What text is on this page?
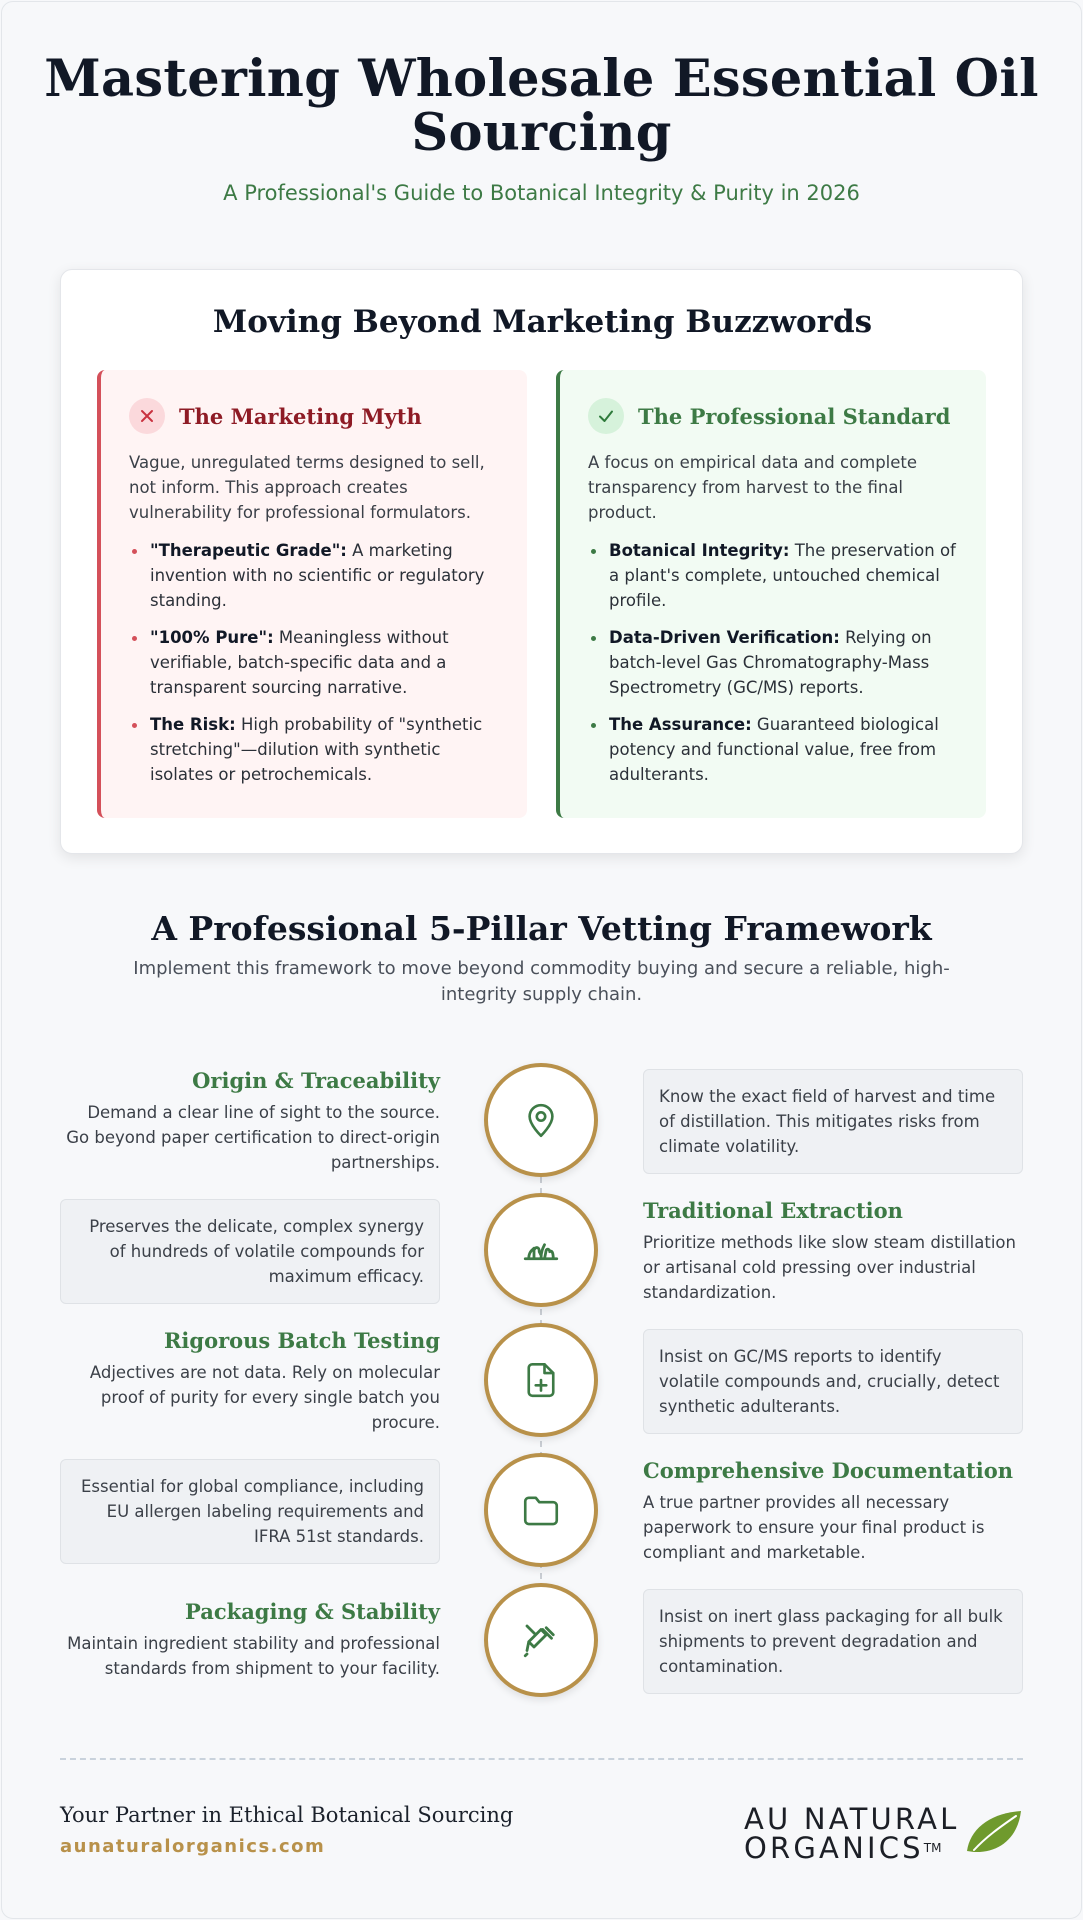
Mastering Wholesale Essential Oil Sourcing

A Professional's Guide to Botanical Integrity & Purity in 2026

Moving Beyond Marketing Buzzwords
The Marketing Myth

Vague, unregulated terms designed to sell, not inform. This approach creates vulnerability for professional formulators.

"Therapeutic Grade": A marketing invention with no scientific or regulatory standing.
"100% Pure": Meaningless without verifiable, batch-specific data and a transparent sourcing narrative.
The Risk: High probability of "synthetic stretching"—dilution with synthetic isolates or petrochemicals.
The Professional Standard

A focus on empirical data and complete transparency from harvest to the final product.

Botanical Integrity: The preservation of a plant's complete, untouched chemical profile.
Data-Driven Verification: Relying on batch-level Gas Chromatography-Mass Spectrometry (GC/MS) reports.
The Assurance: Guaranteed biological potency and functional value, free from adulterants.
A Professional 5-Pillar Vetting Framework

Implement this framework to move beyond commodity buying and secure a reliable, high-integrity supply chain.

Origin & Traceability
Demand a clear line of sight to the source. Go beyond paper certification to direct-origin partnerships.
Know the exact field of harvest and time of distillation. This mitigates risks from climate volatility.
Preserves the delicate, complex synergy of hundreds of volatile compounds for maximum efficacy.
Traditional Extraction
Prioritize methods like slow steam distillation or artisanal cold pressing over industrial standardization.
Rigorous Batch Testing
Adjectives are not data. Rely on molecular proof of purity for every single batch you procure.
Insist on GC/MS reports to identify volatile compounds and, crucially, detect synthetic adulterants.
Essential for global compliance, including EU allergen labeling requirements and IFRA 51st standards.
Comprehensive Documentation
A true partner provides all necessary paperwork to ensure your final product is compliant and marketable.
Packaging & Stability
Maintain ingredient stability and professional standards from shipment to your facility.
Insist on inert glass packaging for all bulk shipments to prevent degradation and contamination.
Your Partner in Ethical Botanical Sourcing
aunaturalorganics.com
AU NATURAL
ORGANICS™
